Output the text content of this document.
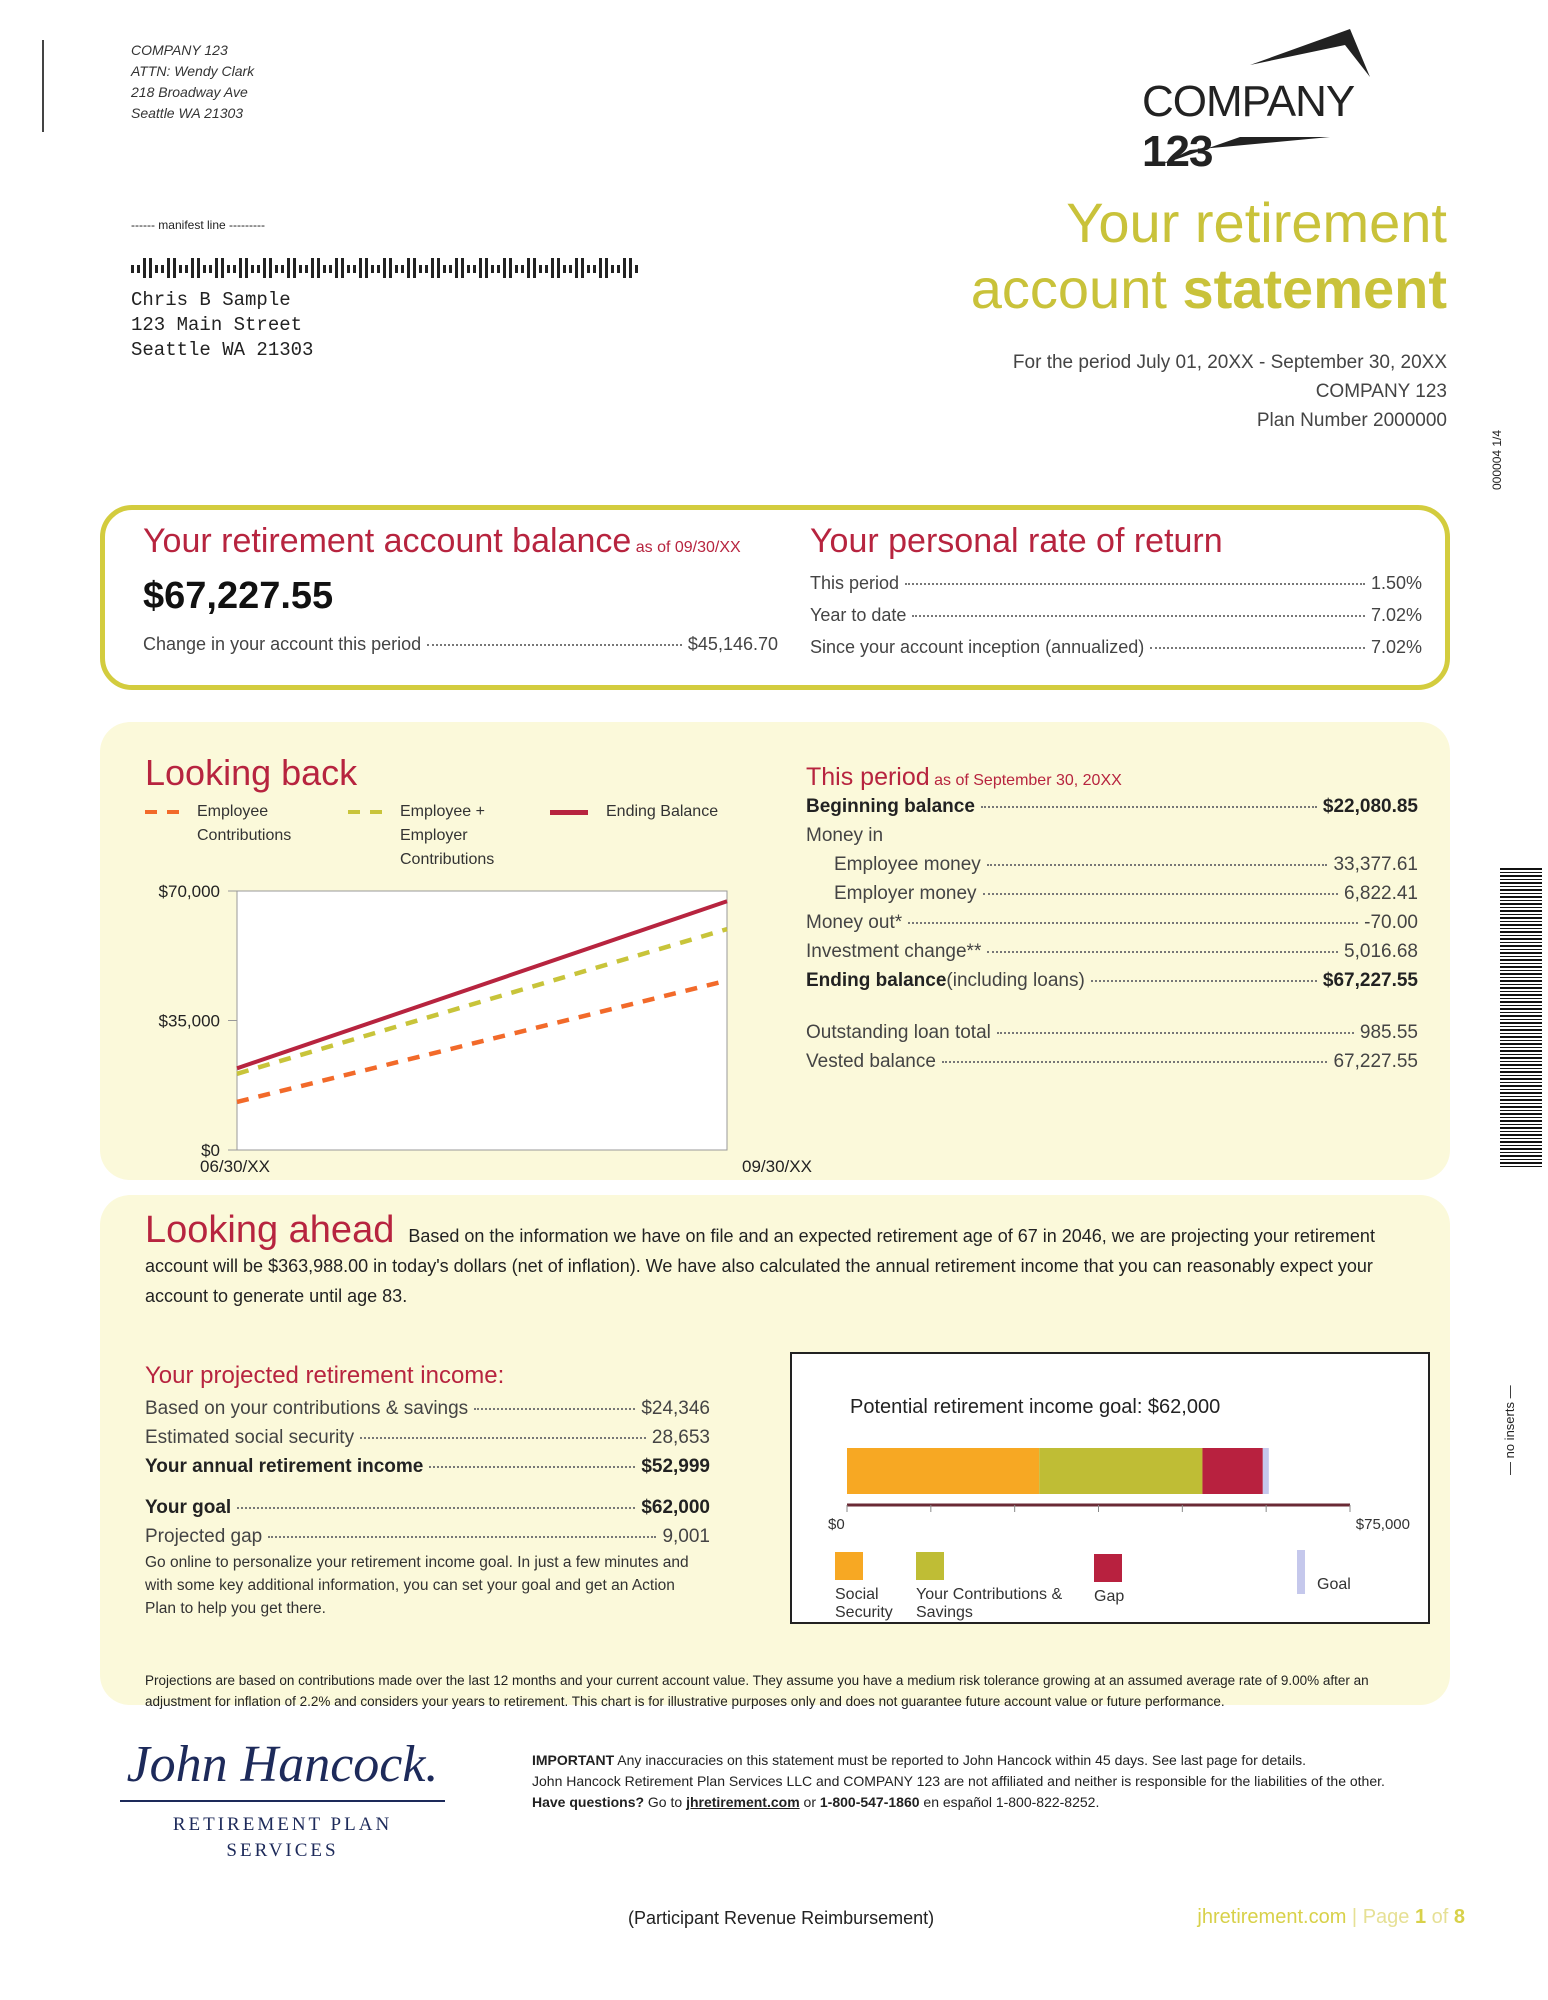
COMPANY 123
ATTN: Wendy Clark
218 Broadway Ave
Seattle WA 21303	COMPANY 123
Your retirement
account statement
For the period July 01, 20XX - September 30, 20XX
COMPANY 123
Plan Number 2000000
000004 1/4
— no inserts —
------ manifest line ---------
Chris B Sample
123 Main Street
Seattle WA 21303
Your retirement account balance as of 09/30/XX
$67,227.55
Change in your account this period	$45,146.70
Your personal rate of return
This period	1.50%
Year to date	7.02%
Since your account inception (annualized)	7.02%
Looking back
Employee Contributions
Employee + Employer Contributions
Ending Balance
$0
$35,000
$70,000
06/30/XX	09/30/XX
This period as of September 30, 20XX
Beginning balance	$22,080.85
Money in
Employee money	33,377.61
Employer money	6,822.41
Money out*	-70.00
Investment change**	5,016.68
Ending balance (including loans)	$67,227.55
Outstanding loan total	985.55
Vested balance	67,227.55
Looking ahead Based on the information we have on file and an expected retirement age of 67 in 2046, we are projecting your retirement account will be $363,988.00 in today's dollars (net of inflation). We have also calculated the annual retirement income that you can reasonably expect your account to generate until age 83.
Your projected retirement income:
Based on your contributions & savings	$24,346
Estimated social security	28,653
Your annual retirement income	$52,999
Your goal	$62,000
Projected gap	9,001
Go online to personalize your retirement income goal. In just a few minutes and with some key additional information, you can set your goal and get an Action Plan to help you get there.
Potential retirement income goal: $62,000
$0	$75,000
Social Security
Your Contributions & Savings
Gap
Goal
Projections are based on contributions made over the last 12 months and your current account value. They assume you have a medium risk tolerance growing at an assumed average rate of 9.00% after an adjustment for inflation of 2.2% and considers your years to retirement. This chart is for illustrative purposes only and does not guarantee future account value or future performance.
John Hancock.
RETIREMENT PLAN
SERVICES
IMPORTANT Any inaccuracies on this statement must be reported to John Hancock within 45 days. See last page for details.
John Hancock Retirement Plan Services LLC and COMPANY 123 are not affiliated and neither is responsible for the liabilities of the other.
Have questions? Go to jhretirement.com or 1-800-547-1860 en español 1-800-822-8252.
(Participant Revenue Reimbursement)	jhretirement.com | Page 1 of 8
